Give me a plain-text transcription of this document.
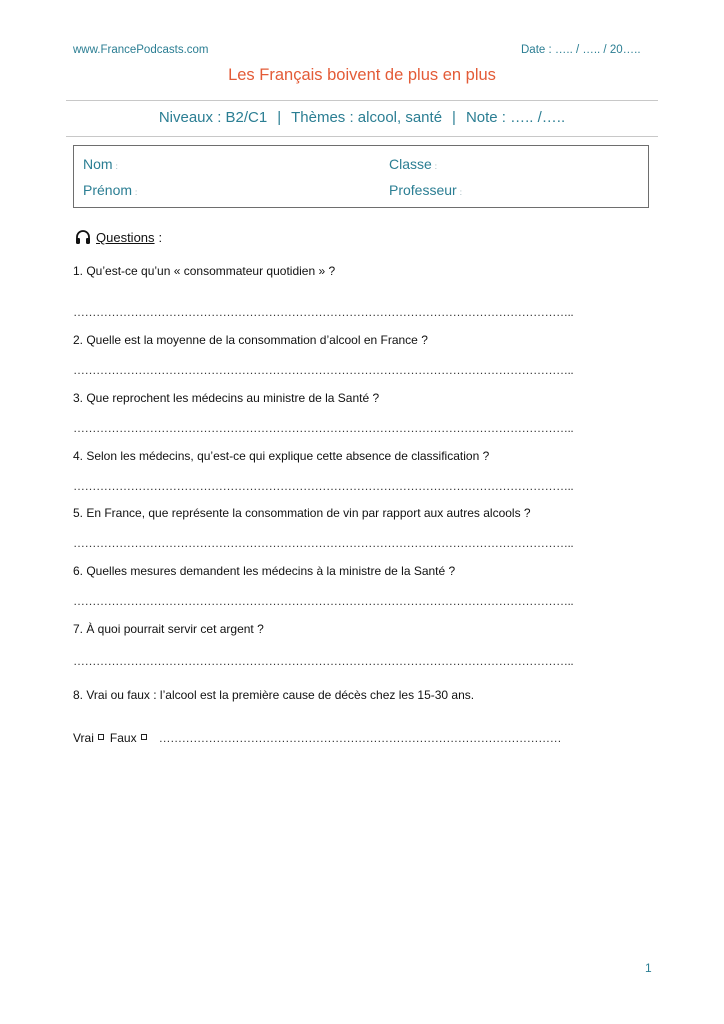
www.FrancePodcasts.com	Date : ….. / ….. / 20…..
Les Français boivent de plus en plus
Niveaux : B2/C1 | Thèmes : alcool, santé | Note : ….. /…..
Nom :
Prénom :
Classe :
Professeur :
Questions :
1. Qu’est-ce qu’un « consommateur quotidien » ?
…………………………………………………………………………………………………………………..
2. Quelle est la moyenne de la consommation d’alcool en France ?
…………………………………………………………………………………………………………………..
3. Que reprochent les médecins au ministre de la Santé ?
…………………………………………………………………………………………………………………..
4. Selon les médecins, qu’est-ce qui explique cette absence de classification ?
…………………………………………………………………………………………………………………..
5. En France, que représente la consommation de vin par rapport aux autres alcools ?
…………………………………………………………………………………………………………………..
6. Quelles mesures demandent les médecins à la ministre de la Santé ?
…………………………………………………………………………………………………………………..
7. À quoi pourrait servir cet argent ?
…………………………………………………………………………………………………………………..
8. Vrai ou faux : l’alcool est la première cause de décès chez les 15-30 ans.
Vrai Faux ……………………………………………………………………………………………
1
